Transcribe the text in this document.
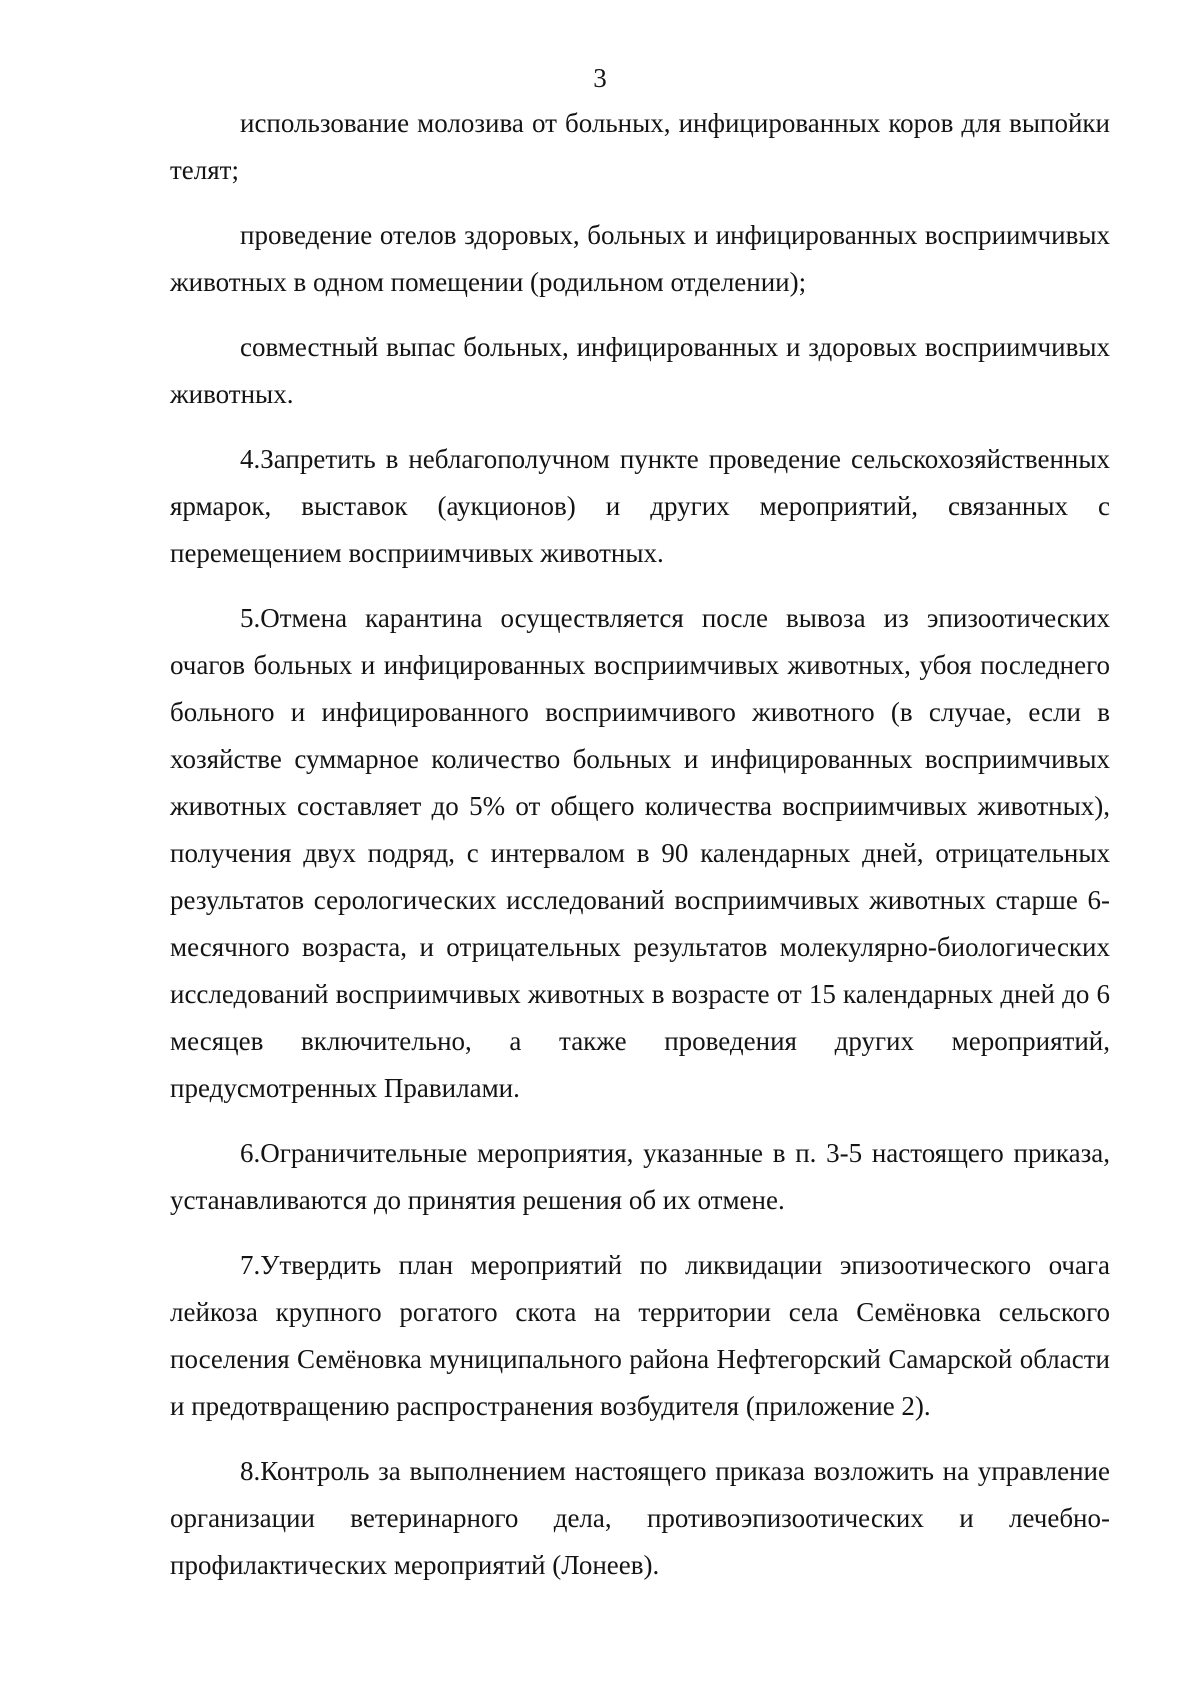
3

использование молозива от больных, инфицированных коров для выпойки телят;

проведение отелов здоровых, больных и инфицированных восприимчивых животных в одном помещении (родильном отделении);

совместный выпас больных, инфицированных и здоровых восприимчивых животных.

4.Запретить в неблагополучном пункте проведение сельскохозяйственных ярмарок, выставок (аукционов) и других мероприятий, связанных с перемещением восприимчивых животных.

5.Отмена карантина осуществляется после вывоза из эпизоотических очагов больных и инфицированных восприимчивых животных, убоя последнего больного и инфицированного восприимчивого животного (в случае, если в хозяйстве суммарное количество больных и инфицированных восприимчивых животных составляет до 5% от общего количества восприимчивых животных), получения двух подряд, с интервалом в 90 календарных дней, отрицательных результатов серологических исследований восприимчивых животных старше 6-месячного возраста, и отрицательных результатов молекулярно-биологических исследований восприимчивых животных в возрасте от 15 календарных дней до 6 месяцев включительно, а также проведения других мероприятий, предусмотренных Правилами.

6.Ограничительные мероприятия, указанные в п. 3-5 настоящего приказа, устанавливаются до принятия решения об их отмене.

7.Утвердить план мероприятий по ликвидации эпизоотического очага лейкоза крупного рогатого скота на территории села Семёновка сельского поселения Семёновка муниципального района Нефтегорский Самарской области и предотвращению распространения возбудителя (приложение 2).

8.Контроль за выполнением настоящего приказа возложить на управление организации ветеринарного дела, противоэпизоотических и лечебно-профилактических мероприятий (Лонеев).
